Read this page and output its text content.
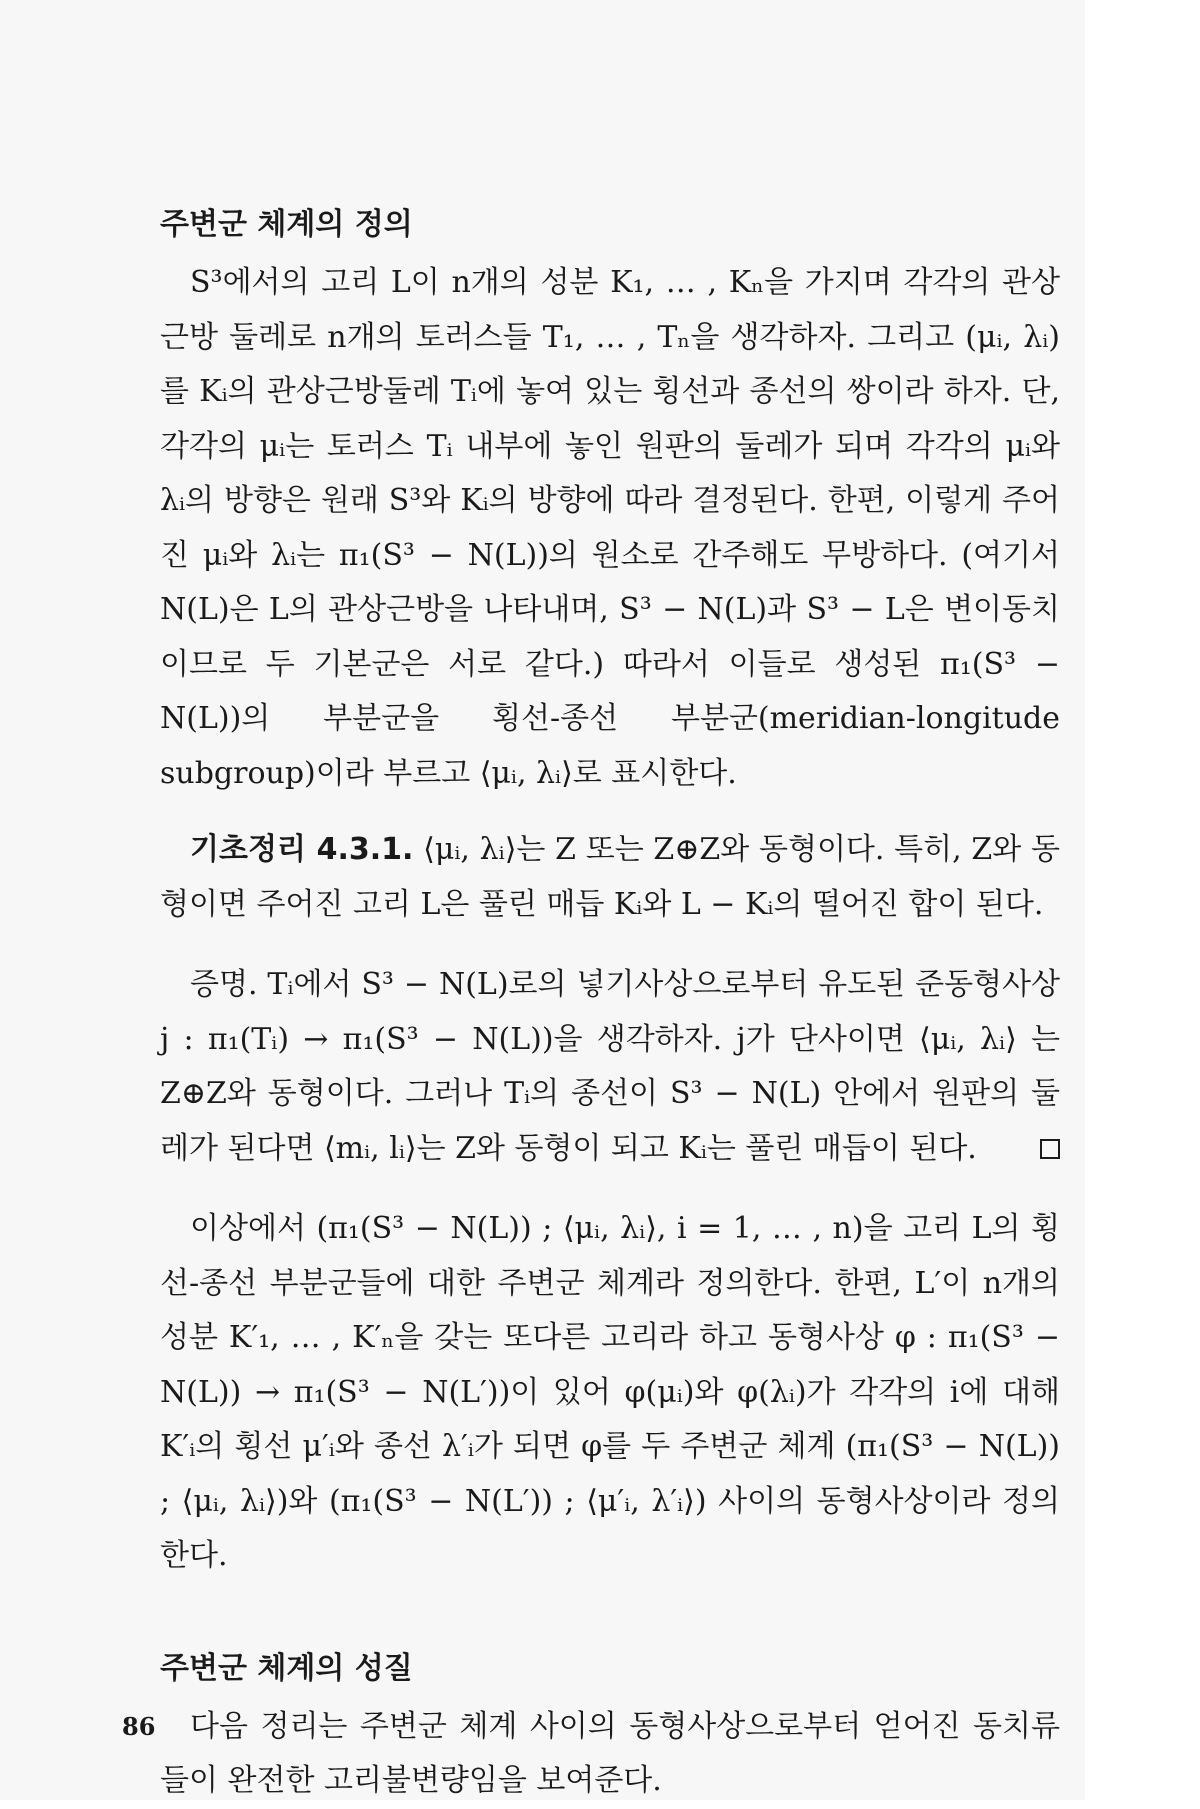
주변군 체계의 정의

S³에서의 고리 L이 n개의 성분 K₁, … , Kₙ을 가지며 각각의 관상근방 둘레로 n개의 토러스들 T₁, … , Tₙ을 생각하자. 그리고 (μᵢ, λᵢ)를 Kᵢ의 관상근방둘레 Tᵢ에 놓여 있는 횡선과 종선의 쌍이라 하자. 단, 각각의 μᵢ는 토러스 Tᵢ 내부에 놓인 원판의 둘레가 되며 각각의 μᵢ와 λᵢ의 방향은 원래 S³와 Kᵢ의 방향에 따라 결정된다. 한편, 이렇게 주어진 μᵢ와 λᵢ는 π₁(S³ − N(L))의 원소로 간주해도 무방하다. (여기서 N(L)은 L의 관상근방을 나타내며, S³ − N(L)과 S³ − L은 변이동치이므로 두 기본군은 서로 같다.) 따라서 이들로 생성된 π₁(S³ − N(L))의 부분군을 횡선-종선 부분군(meridian-longitude subgroup)이라 부르고 ⟨μᵢ, λᵢ⟩로 표시한다.

기초정리 4.3.1. ⟨μᵢ, λᵢ⟩는 Z 또는 Z⊕Z와 동형이다. 특히, Z와 동형이면 주어진 고리 L은 풀린 매듭 Kᵢ와 L − Kᵢ의 떨어진 합이 된다.

증명. Tᵢ에서 S³ − N(L)로의 넣기사상으로부터 유도된 준동형사상 j : π₁(Tᵢ) → π₁(S³ − N(L))을 생각하자. j가 단사이면 ⟨μᵢ, λᵢ⟩ 는 Z⊕Z와 동형이다. 그러나 Tᵢ의 종선이 S³ − N(L) 안에서 원판의 둘레가 된다면 ⟨mᵢ, lᵢ⟩는 Z와 동형이 되고 Kᵢ는 풀린 매듭이 된다.

이상에서 (π₁(S³ − N(L)) ; ⟨μᵢ, λᵢ⟩, i = 1, … , n)을 고리 L의 횡선-종선 부분군들에 대한 주변군 체계라 정의한다. 한편, L′이 n개의 성분 K′₁, … , K′ₙ을 갖는 또다른 고리라 하고 동형사상 φ : π₁(S³ − N(L)) → π₁(S³ − N(L′))이 있어 φ(μᵢ)와 φ(λᵢ)가 각각의 i에 대해 K′ᵢ의 횡선 μ′ᵢ와 종선 λ′ᵢ가 되면 φ를 두 주변군 체계 (π₁(S³ − N(L)) ; ⟨μᵢ, λᵢ⟩)와 (π₁(S³ − N(L′)) ; ⟨μ′ᵢ, λ′ᵢ⟩) 사이의 동형사상이라 정의한다.

주변군 체계의 성질

다음 정리는 주변군 체계 사이의 동형사상으로부터 얻어진 동치류들이 완전한 고리불변량임을 보여준다.

86
